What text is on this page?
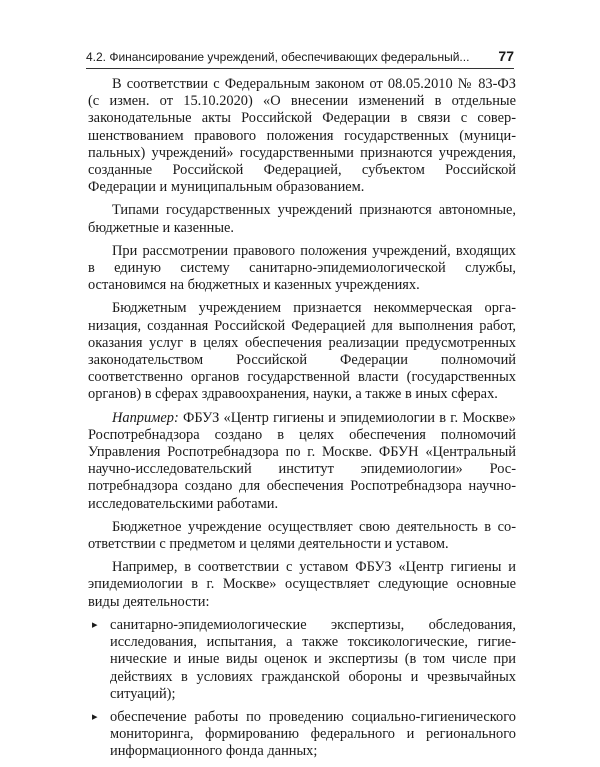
4.2. Финансирование учреждений, обеспечивающих федеральный... 77

В соответствии с Федеральным законом от 08.05.2010 № 83-ФЗ (с измен. от 15.10.2020) «О внесении изменений в отдельные законодательные акты Российской Федерации в связи с совершенствованием правового положения государственных (муниципальных) учреждений» государственными признаются учреждения, созданные Российской Федерацией, субъектом Российской Федерации и муниципальным образованием.

Типами государственных учреждений признаются автономные, бюджетные и казенные.

При рассмотрении правового положения учреждений, входящих в единую систему санитарно-эпидемиологической службы, остановимся на бюджетных и казенных учреждениях.

Бюджетным учреждением признается некоммерческая организация, созданная Российской Федерацией для выполнения работ, оказания услуг в целях обеспечения реализации предусмотренных законодательством Российской Федерации полномочий соответственно органов государственной власти (государственных органов) в сферах здравоохранения, науки, а также в иных сферах.

Например: ФБУЗ «Центр гигиены и эпидемиологии в г. Москве» Роспотребнадзора создано в целях обеспечения полномочий Управления Роспотребнадзора по г. Москве. ФБУН «Центральный научно-исследовательский институт эпидемиологии» Роспотребнадзора создано для обеспечения Роспотребнадзора научно-исследовательскими работами.

Бюджетное учреждение осуществляет свою деятельность в соответствии с предметом и целями деятельности и уставом.

Например, в соответствии с уставом ФБУЗ «Центр гигиены и эпидемиологии в г. Москве» осуществляет следующие основные виды деятельности:

▸ санитарно-эпидемиологические экспертизы, обследования, исследования, испытания, а также токсикологические, гигиенические и иные виды оценок и экспертизы (в том числе при действиях в условиях гражданской обороны и чрезвычайных ситуаций);
▸ обеспечение работы по проведению социально-гигиенического мониторинга, формированию федерального и регионального информационного фонда данных;
